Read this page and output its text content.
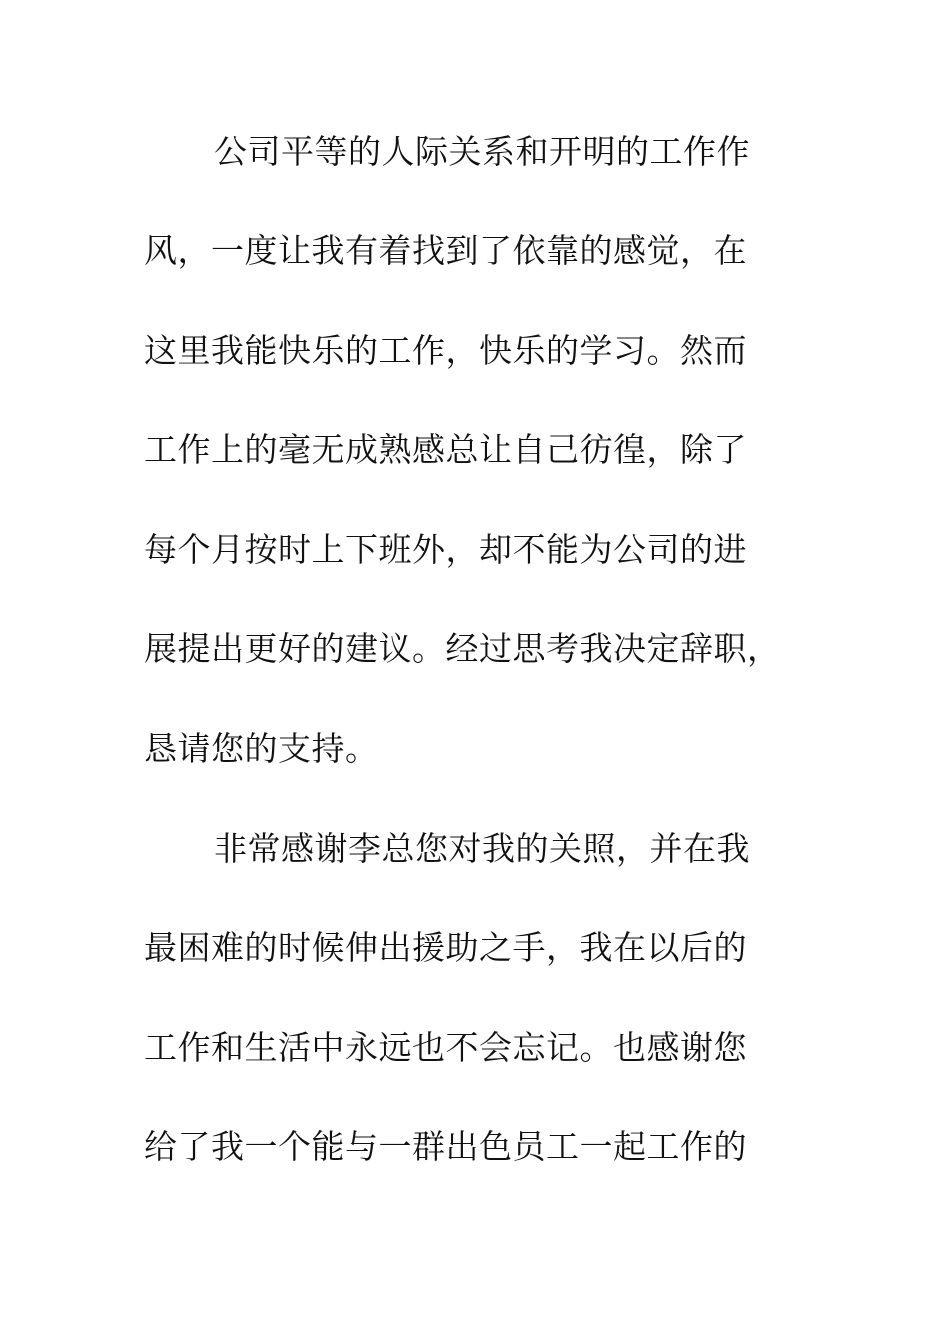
公司平等的人际关系和开明的工作作
风，一度让我有着找到了依靠的感觉，在
这里我能快乐的工作，快乐的学习。然而
工作上的毫无成熟感总让自己彷徨，除了
每个月按时上下班外，却不能为公司的进
展提出更好的建议。经过思考我决定辞职，
恳请您的支持。
非常感谢李总您对我的关照，并在我
最困难的时候伸出援助之手，我在以后的
工作和生活中永远也不会忘记。也感谢您
给了我一个能与一群出色员工一起工作的
